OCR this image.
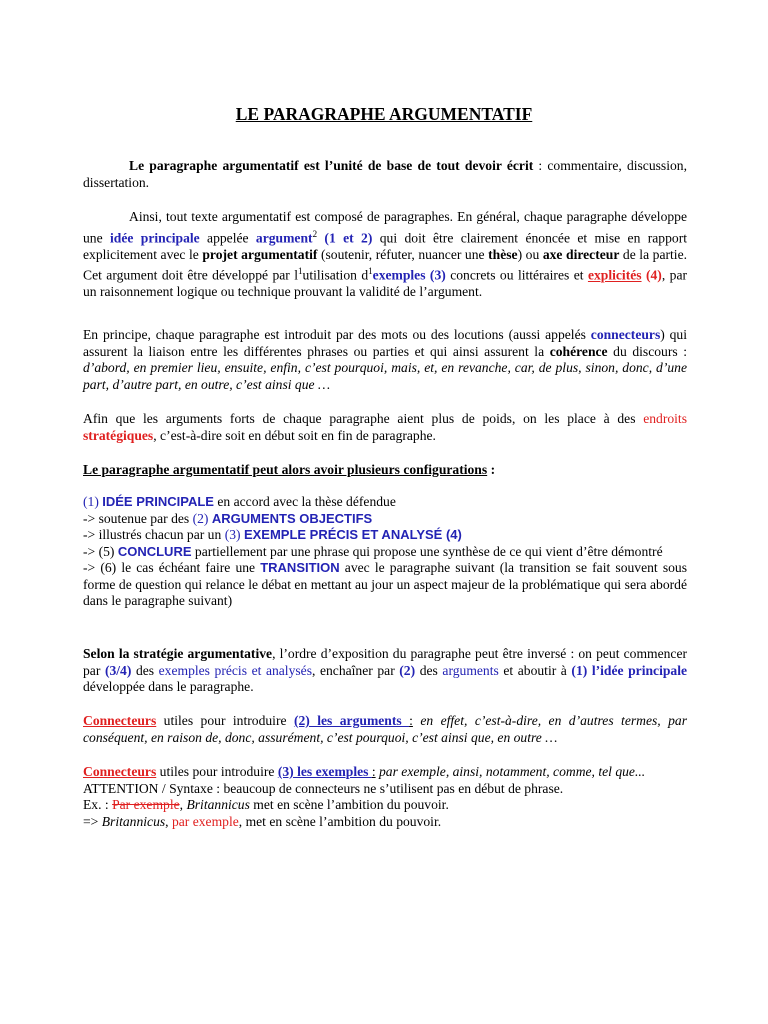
LE PARAGRAPHE ARGUMENTATIF

Le paragraphe argumentatif est l’unité de base de tout devoir écrit : commentaire, discussion, dissertation.

Ainsi, tout texte argumentatif est composé de paragraphes. En général, chaque paragraphe développe une idée principale appelée argument$^2$ (1 et 2) qui doit être clairement énoncée et mise en rapport explicitement avec le projet argumentatif (soutenir, réfuter, nuancer une thèse) ou axe directeur de la partie. Cet argument doit être développé par $l^1utilisation$ $d^1exemples$ (3) concrets ou littéraires et explicités (4), par un raisonnement logique ou technique prouvant la validité de l’argument.

En principe, chaque paragraphe est introduit par des mots ou des locutions (aussi appelés connecteurs) qui assurent la liaison entre les différentes phrases ou parties et qui ainsi assurent la cohérence du discours : d’abord, en premier lieu, ensuite, enfin, c’est pourquoi, mais, et, en revanche, car, de plus, sinon, donc, d’une part, d’autre part, en outre, c’est ainsi que …

Afin que les arguments forts de chaque paragraphe aient plus de poids, on les place à des endroits stratégiques, c’est-à-dire soit en début soit en fin de paragraphe.

Le paragraphe argumentatif peut alors avoir plusieurs configurations :

(1) IDÉE PRINCIPALE en accord avec la thèse défendue

-> soutenue par des (2) ARGUMENTS OBJECTIFS

-> illustrés chacun par un (3) EXEMPLE PRÉCIS ET ANALYSÉ (4)

-> (5) CONCLURE partiellement par une phrase qui propose une synthèse de ce qui vient d’être démontré

-> (6) le cas échéant faire une TRANSITION avec le paragraphe suivant (la transition se fait souvent sous forme de question qui relance le débat en mettant au jour un aspect majeur de la problématique qui sera abordé dans le paragraphe suivant)

Selon la stratégie argumentative, l’ordre d’exposition du paragraphe peut être inversé : on peut commencer par (3/4) des exemples précis et analysés, enchaîner par (2) des arguments et aboutir à (1) l’idée principale développée dans le paragraphe.

Connecteurs utiles pour introduire (2) les arguments : en effet, c’est-à-dire, en d’autres termes, par conséquent, en raison de, donc, assurément, c’est pourquoi, c’est ainsi que, en outre …

Connecteurs utiles pour introduire (3) les exemples : par exemple, ainsi, notamment, comme, tel que...

ATTENTION / Syntaxe : beaucoup de connecteurs ne s’utilisent pas en début de phrase.

Ex. : Par exemple, Britannicus met en scène l’ambition du pouvoir.

=> Britannicus, par exemple, met en scène l’ambition du pouvoir.
